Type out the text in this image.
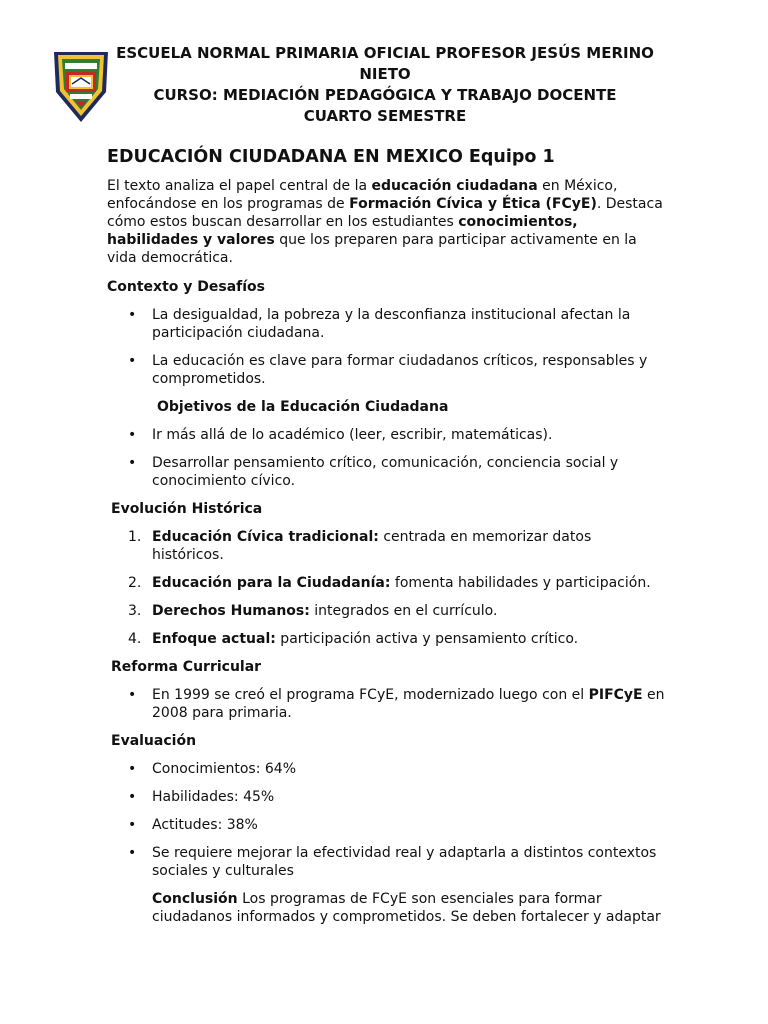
ESCUELA NORMAL PRIMARIA OFICIAL PROFESOR JESÚS MERINO
NIETO
CURSO: MEDIACIÓN PEDAGÓGICA Y TRABAJO DOCENTE
CUARTO SEMESTRE
EDUCACIÓN CIUDADANA EN MEXICO Equipo 1

El texto analiza el papel central de la educación ciudadana en México, enfocándose en los programas de Formación Cívica y Ética (FCyE). Destaca cómo estos buscan desarrollar en los estudiantes conocimientos, habilidades y valores que los preparen para participar activamente en la vida democrática.

Contexto y Desafíos

• La desigualdad, la pobreza y la desconfianza institucional afectan la participación ciudadana.
• La educación es clave para formar ciudadanos críticos, responsables y comprometidos.

Objetivos de la Educación Ciudadana

• Ir más allá de lo académico (leer, escribir, matemáticas).
• Desarrollar pensamiento crítico, comunicación, conciencia social y conocimiento cívico.

Evolución Histórica

1. Educación Cívica tradicional: centrada en memorizar datos históricos.
2. Educación para la Ciudadanía: fomenta habilidades y participación.
3. Derechos Humanos: integrados en el currículo.
4. Enfoque actual: participación activa y pensamiento crítico.

Reforma Curricular

• En 1999 se creó el programa FCyE, modernizado luego con el PIFCyE en 2008 para primaria.

Evaluación

• Conocimientos: 64%
• Habilidades: 45%
• Actitudes: 38%
• Se requiere mejorar la efectividad real y adaptarla a distintos contextos sociales y culturales

Conclusión Los programas de FCyE son esenciales para formar ciudadanos informados y comprometidos. Se deben fortalecer y adaptar
